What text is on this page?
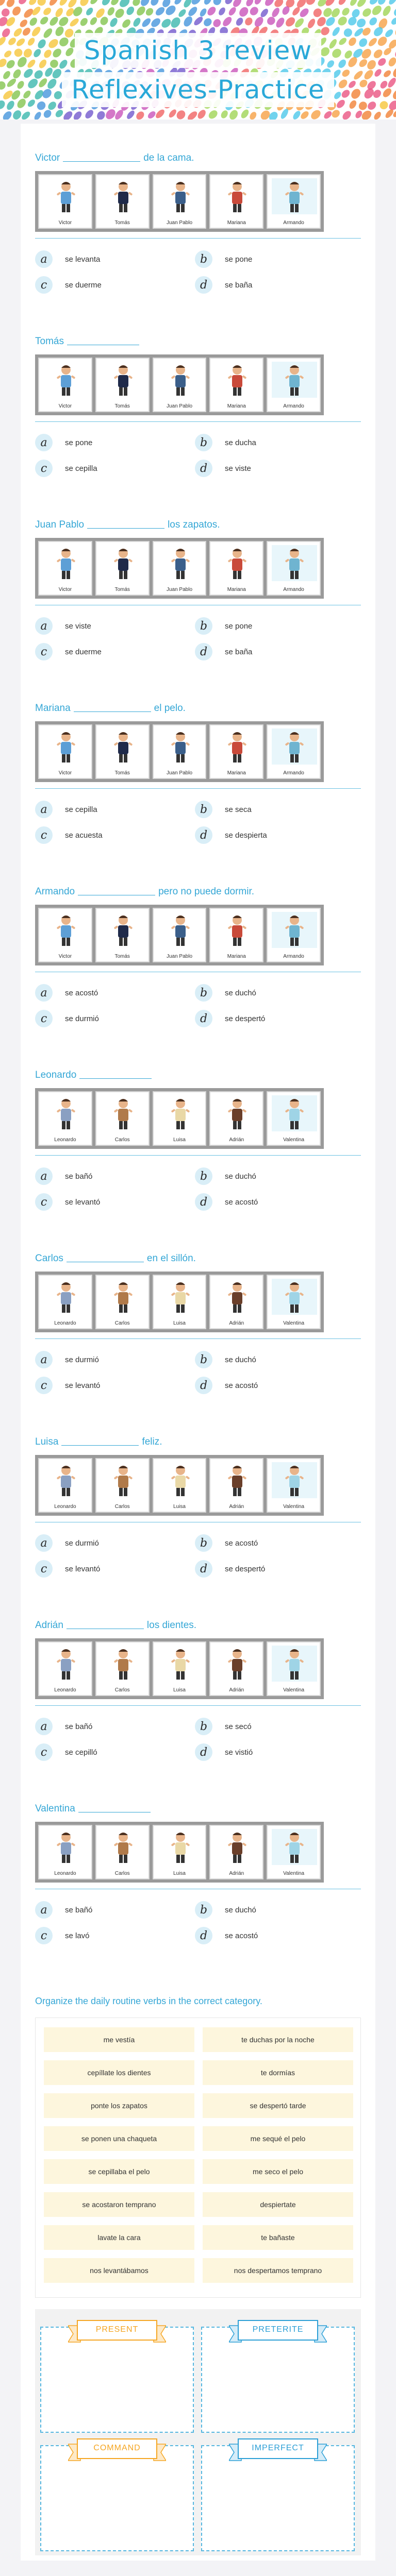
Spanish 3 review
Reflexives-Practice
Victor	de la cama.
Victor	Tomás	Juan Pablo	Mariana	Armando
a	se levanta	b	se pone
c	se duerme	d	se baña
Tomás
Victor	Tomás	Juan Pablo	Mariana	Armando
a	se pone	b	se ducha
c	se cepilla	d	se viste
Juan Pablo	los zapatos.
Victor	Tomás	Juan Pablo	Mariana	Armando
a	se viste	b	se pone
c	se duerme	d	se baña
Mariana	el pelo.
Victor	Tomás	Juan Pablo	Mariana	Armando
a	se cepilla	b	se seca
c	se acuesta	d	se despierta
Armando	pero no puede dormir.
Victor	Tomás	Juan Pablo	Mariana	Armando
a	se acostó	b	se duchó
c	se durmió	d	se despertó
Leonardo
Leonardo	Carlos	Luisa	Adrián	Valentina
a	se bañó	b	se duchó
c	se levantó	d	se acostó
Carlos	en el sillón.
Leonardo	Carlos	Luisa	Adrián	Valentina
a	se durmió	b	se duchó
c	se levantó	d	se acostó
Luisa	feliz.
Leonardo	Carlos	Luisa	Adrián	Valentina
a	se durmió	b	se acostó
c	se levantó	d	se despertó
Adrián	los dientes.
Leonardo	Carlos	Luisa	Adrián	Valentina
a	se bañó	b	se secó
c	se cepilló	d	se vistió
Valentina
Leonardo	Carlos	Luisa	Adrián	Valentina
a	se bañó	b	se duchó
c	se lavó	d	se acostó
Organize the daily routine verbs in the correct category.
me vestía	te duchas por la noche
cepíllate los dientes	te dormías
ponte los zapatos	se despertó tarde
se ponen una chaqueta	me sequé el pelo
se cepillaba el pelo	me seco el pelo
se acostaron temprano	despiertate
lavate la cara	te bañaste
nos levantábamos	nos despertamos temprano
PRESENT	PRETERITE
COMMAND	IMPERFECT
